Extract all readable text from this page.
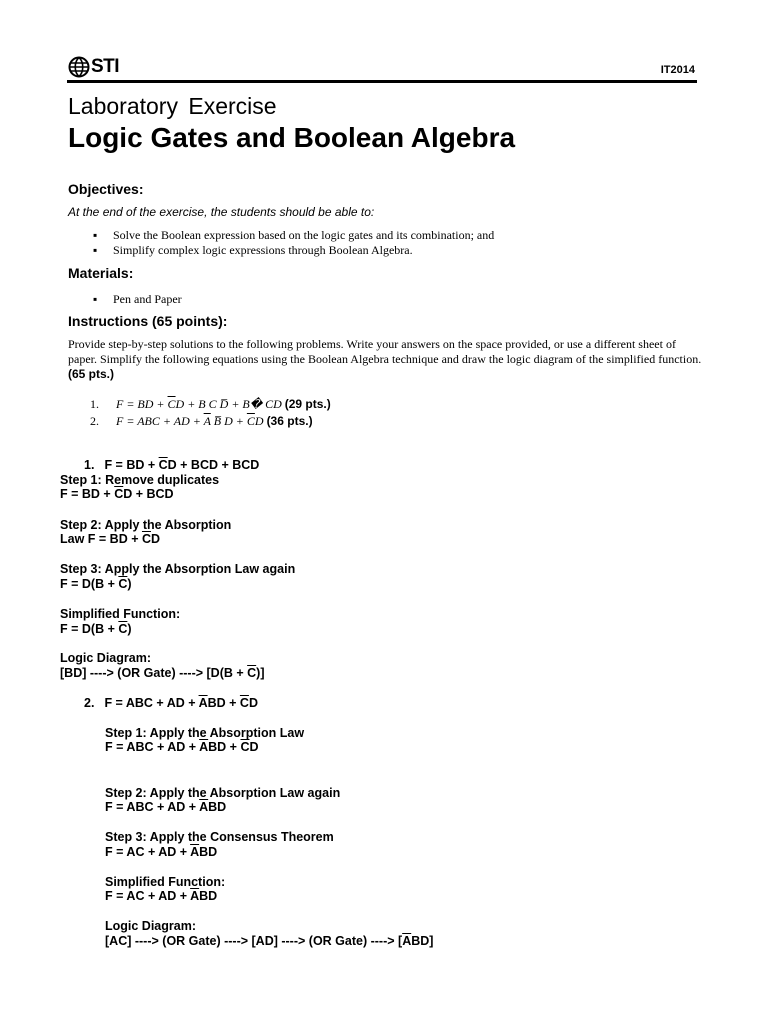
STI	IT2014
Laboratory Exercise
Logic Gates and Boolean Algebra
Objectives:
At the end of the exercise, the students should be able to:
▪ Solve the Boolean expression based on the logic gates and its combination; and
▪ Simplify complex logic expressions through Boolean Algebra.
Materials:
▪ Pen and Paper
Instructions (65 points):
Provide step-by-step solutions to the following problems. Write your answers on the space provided, or use a different sheet of paper. Simplify the following equations using the Boolean Algebra technique and draw the logic diagram of the simplified function. (65 pts.)
1. F = BD + $\overline{C}D + B$ C D + B� CD (29 pts.)
2. F = ABC + AD + $\overline{A}$ B $D + \overline{C}D$ (36 pts.)
1. F = BD + $\overline{C}D$ + BCD + BCD
Step 1: Remove duplicates
F = BD + $\overline{C}D$ + BCD
Step 2: Apply the Absorption
Law F = BD + $\overline{C}D$
Step 3: Apply the Absorption Law again
$F = D(B + \overline{C})$
Simplified Function:
$F = D(B + \overline{C})$
Logic Diagram:
[BD] ----> (OR Gate) ----> $[D(B + \overline{C})]$
2. F = ABC + AD + $\overline{A}BD + \overline{C}D$
Step 1: Apply the Absorption Law
F = ABC + AD + $\overline{A}BD + \overline{C}D$
Step 2: Apply the Absorption Law again
F = ABC + AD + $\overline{A}BD$
Step 3: Apply the Consensus Theorem
F = AC + AD + $\overline{A}BD$
Simplified Function:
F = AC + AD + $\overline{A}BD$
Logic Diagram:
[AC] ----> (OR Gate) ----> [AD] ----> (OR Gate) ----> $[\overline{A}BD]$
